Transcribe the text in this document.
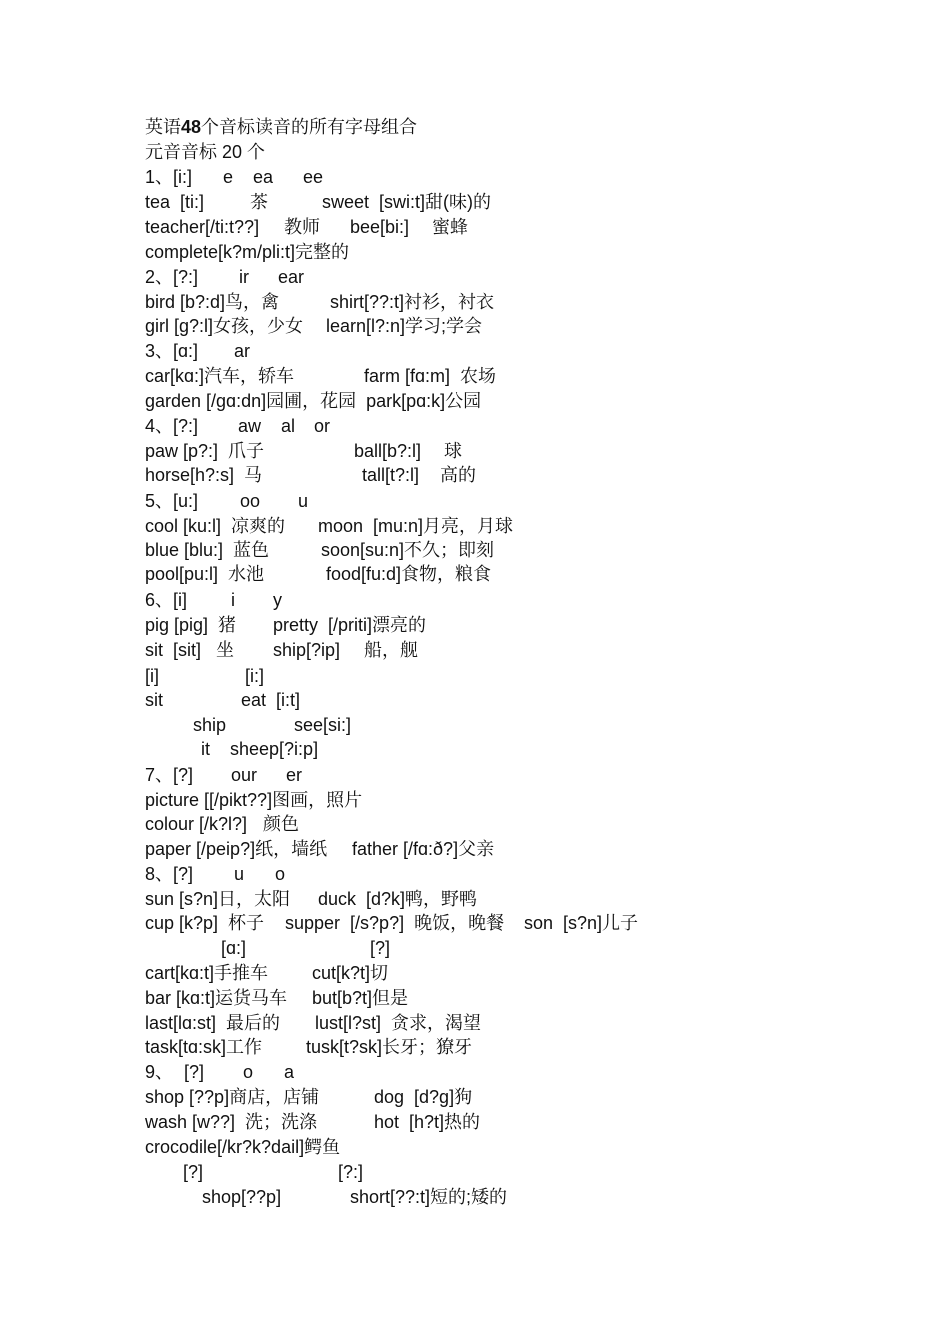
英语48个音标读音的所有字母组合
元音音标 20 个
1、[i:] e ea ee
tea  [ti:]	茶	sweet  [swi:t]甜(味)的
teacher[/ti:t??] 教师 bee[bi:] 蜜蜂
complete[k?m/pli:t]完整的
2、[?:] ir ear
bird [b?:d]鸟，禽	shirt[??:t]衬衫，衬衣
girl [g?:l]女孩，少女 learn[l?:n]学习;学会
3、[ɑ:] ar
car[kɑ:]汽车，轿车	farm [fɑ:m]  农场
garden [/gɑ:dn]园圃，花园  park[pɑ:k]公园
4、[?:] aw al or
paw [p?:]  爪子	ball[b?:l] 球
horse[h?:s]  马	tall[t?:l] 高的
5、[u:] oo u
cool [ku:l]  凉爽的 moon  [mu:n]月亮，月球
blue [blu:]  蓝色	soon[su:n]不久；即刻
pool[pu:l]  水池	food[fu:d]食物，粮食
6、[i] i y
pig [pig]  猪 pretty  [/priti]漂亮的
sit  [sit]   坐 ship[?ip] 船，舰
[i]	[i:]
sit	eat  [i:t]
ship	see[si:]
it sheep[?i:p]
7、[?] our er
picture [[/pikt??]图画，照片
colour [/k?l?] 颜色
paper [/peip?]纸，墙纸 father [/fɑ:ð?]父亲
8、[?] u o
sun [s?n]日，太阳 duck  [d?k]鸭，野鸭
cup [k?p]  杯子 supper  [/s?p?]  晚饭，晚餐 son  [s?n]儿子
[ɑ:]	[?]
cart[kɑ:t]手推车 cut[k?t]切
bar [kɑ:t]运货马车 but[b?t]但是
last[lɑ:st]  最后的 lust[l?st]  贪求，渴望
task[tɑ:sk]工作 tusk[t?sk]长牙；獠牙
9、 [?] o a
shop [??p]商店，店铺	dog  [d?g]狗
wash [w??]  洗；洗涤	hot  [h?t]热的
crocodile[/kr?k?dail]鳄鱼
[?]	[?:]
shop[??p]	short[??:t]短的;矮的
